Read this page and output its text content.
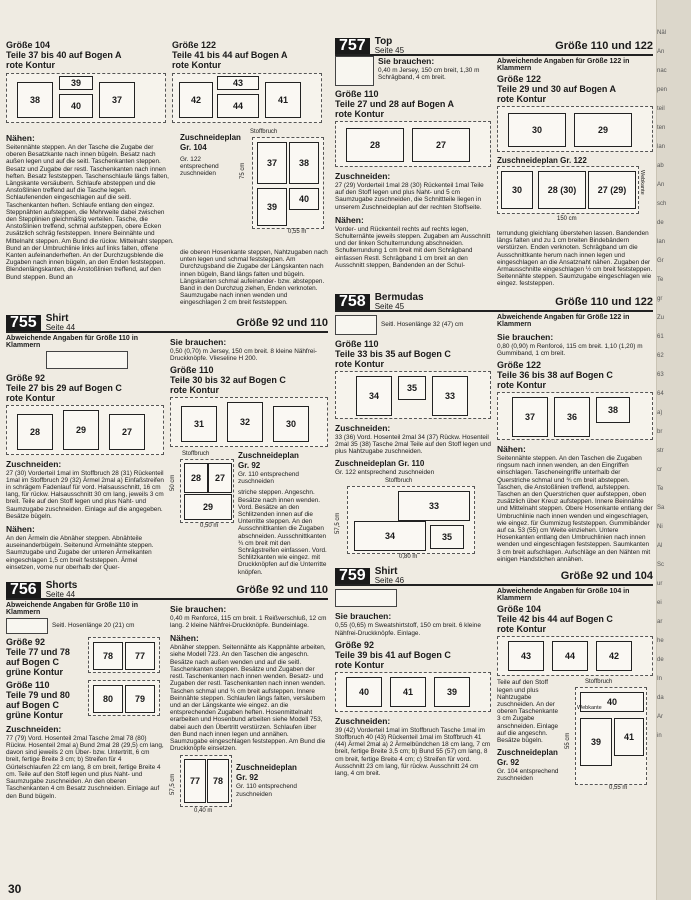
Größe 104
Teile 37 bis 40 auf Bogen A
rote Kontur
38
39
40
37
Größe 122
Teile 41 bis 44 auf Bogen A
rote Kontur
42
43
44
41
Nähen:

Seitennähte steppen. An der Tasche die Zugabe der oberen Besatzkante nach innen bügeln. Besatz nach außen legen und auf die seitl. Taschenkanten steppen. Besatz und Zugabe der restl. Taschenkanten nach innen heften. Besatz feststeppen. Taschenschlaufe längs falten, Längskante versäubern. Schlaufe absteppen und die Anstoßlinien treffend auf die Tasche legen. Schlaufenenden eingeschlagen auf die seitl. Taschenkanten heften. Schlaufe entlang den eingez. Steppnähten aufsteppen, die Mehrweite dabei zwischen den Stepplinien gleichmäßig verteilen. Tasche, die Anstoßlinien treffend, schmal aufsteppen, obere Ecken zusätzlich schräg feststeppen. Innere Beinnähte und Mittelnaht steppen. Am Bund die rückw. Mittelnaht steppen. Bund an der Umbruchlinie links auf links falten, offene Kanten aufeinanderheften. An der Durchzugsblende die Zugaben nach innen bügeln, an den Enden feststeppen. Blendenlängskanten, die Anstoßlinien treffend, auf den Bund steppen. Bund an

Zuschneideplan
Gr. 104

Gr. 122 entsprechend zuschneiden

Stoffbruch
75 cm	37	38
39
40
0,55 m

die oberen Hosenkante steppen, Nahtzugaben nach unten legen und schmal feststeppen. Am Durchzugsband die Zugabe der Längskanten nach innen bügeln, Band längs falten und bügeln. Längskanten schmal aufeinander- bzw. absteppen. Band in den Durchzug ziehen, Enden verknoten. Saumzugabe nach innen wenden und eingeschlagen 2 cm breit feststeppen.

755 Shirt
Seite 44	Größe 92 und 110
Abweichende Angaben für Größe 110 in Klammern
Größe 92
Teile 27 bis 29 auf Bogen C
rote Kontur
28	29	27
Zuschneiden:

27 (30) Vorderteil 1mal im Stoffbruch 28 (31) Rückenteil 1mal im Stoffbruch 29 (32) Ärmel 2mal a) Einfaßstreifen in schrägem Fadenlauf für vord. Halsausschnitt, 16 cm lang, für rückw. Halsausschnitt 30 cm lang, jeweils 3 cm breit. Teile auf den Stoff legen und plus Naht- und Saumzugabe zuschneiden. Einlage auf die angegeben. Besätze bügeln.

Nähen:

An den Ärmeln die Abnäher steppen. Abnähteile auseinanderbügeln. Seitenund Ärmelnähte steppen. Saumzugabe und Zugabe der unteren Ärmelkanten eingeschlagen 1,5 cm breit feststeppen. Ärmel einsetzen, vorne nur oberhalb der Quer-

Sie brauchen:

0,50 (0,70) m Jersey, 150 cm breit. 8 kleine Nähfrei-Druckknöpfe. Vlieseline H 200.

Größe 110
Teile 30 bis 32 auf Bogen C
rote Kontur
31	32	30
Stoffbruch
50 cm	28	27
29
0,50 m
Zuschneideplan
Gr. 92

Gr. 110 entsprechend zuschneiden

striche steppen. Angeschn. Besätze nach innen wenden. Vord. Besätze an den Schlitzenden innen auf die Unterritte steppen. An den Ausschnittkanten die Zugaben abschneiden. Ausschnittkanten ¾ cm breit mit den Schrägstreifen einfassen. Vord. Schlitzkanten wie eingez. mit Druckknöpfen auf die Unterritte knöpfen.

756 Shorts
Seite 44	Größe 92 und 110
Abweichende Angaben für Größe 110 in Klammern
Seitl. Hosenlänge 20 (21) cm
Größe 92
Teile 77 und 78 auf Bogen C
grüne Kontur
78	77
Größe 110
Teile 79 und 80 auf Bogen C
grüne Kontur
80	79
Zuschneiden:

77 (79) Vord. Hosenteil 2mal Tasche 2mal 78 (80) Rückw. Hosenteil 2mal a) Bund 2mal 28 (29,5) cm lang, davon sind jeweils 2 cm Über- bzw. Untertritt, 6 cm breit, fertige Breite 3 cm; b) Streifen für 4 Gürtelschlaufen 22 cm lang, 8 cm breit, fertige Breite 4 cm. Teile auf den Stoff legen und plus Naht- und Saumzugabe zuschneiden. An den oberen Taschenkanten 4 cm Besatz zuschneiden. Einlage auf den Bund bügeln.

Sie brauchen:

0,40 m Renforcé, 115 cm breit. 1 Reißverschluß, 12 cm lang. 2 kleine Nähfrei-Druckknöpfe. Bundeinlage.

Nähen:

Abnäher steppen. Seitennähte als Kappnähte arbeiten, siehe Modell 723. An den Taschen die angeschn. Besätze nach außen wenden und auf die seitl. Taschenkanten steppen. Besätze und Zugaben der restl. Taschenkanten nach innen wenden. Besatz- und Zugaben der restl. Taschenkanten nach innen wenden. Taschen schmal und ¾ cm breit aufsteppen. Innere Beinnähte steppen. Schlaufen längs falten, versäubern und an der Längskante wie eingez. an die entsprechenden Zugaben heften. Hosenmittelnaht erarbeiten und Hosenbund arbeiten siehe Modell 753, dabei auch den Übertritt verstürzen. Schlaufen über den Bund nach innen legen und annähen. Saumzugabe eingeschlagen feststeppen. Am Bund die Druckknöpfe einsetzen.

57,5 cm	77	78
0,40 m
Zuschneideplan
Gr. 92

Gr. 110 entsprechend zuschneiden

757 Top
Seite 45	Größe 110 und 122
Sie brauchen:

0,40 m Jersey, 150 cm breit, 1,30 m Schrägband, 4 cm breit.

Größe 110
Teile 27 und 28 auf Bogen A
rote Kontur
28	27
Zuschneiden:

27 (29) Vorderteil 1mal 28 (30) Rückenteil 1mal Teile auf den Stoff legen und plus Naht- und 5 cm Saumzugabe zuschneiden, die Schnittteile liegen in unserem Zuschneideplan auf der rechten Stoffseite.

Nähen:

Vorder- und Rückenteil rechts auf rechts legen, Schulternähte jeweils steppen. Zugaben am Ausschnitt und der linken Schulterrundung abschneiden. Schulterrundung 1 cm breit mit dem Schrägband einfassen Restl. Schrägband 1 cm breit an den Ausschnitt steppen, Bandenden an der Schul-

Abweichende Angaben für Größe 122 in Klammern
Größe 122
Teile 29 und 30 auf Bogen A
rote Kontur
30	29
Zuschneideplan Gr. 122
30	28 (30)	27 (29)	Webkante
150 cm

terrundung gleichlang überstehen lassen. Bandenden längs falten und zu 1 cm breiten Bindebändern verstürzen. Enden verknoten. Schrägband um die Ausschnittkante herum nach innen legen und eingeschlagen an die Ansatznaht nähen. Zugaben der Armausschnitte eingeschlagen ½ cm breit feststeppen. Seitennähte steppen. Saumzugabe eingeschlagen wie eingez. feststeppen.

758 Bermudas
Seite 45	Größe 110 und 122
Seitl. Hosenlänge 32 (47) cm
Größe 110
Teile 33 bis 35 auf Bogen C
rote Kontur
34
35
33
Zuschneiden:

33 (36) Vord. Hosenteil 2mal 34 (37) Rückw. Hosenteil 2mal 35 (38) Tasche 2mal Teile auf den Stoff legen und plus Nahtzugabe zuschneiden.

Zuschneideplan Gr. 110

Gr. 122 entsprechend zuschneiden

Stoffbruch
57,5 cm
33
34	35
0,80 m
Abweichende Angaben für Größe 122 in Klammern
Sie brauchen:

0,80 (0,90) m Renforcé, 115 cm breit. 1,10 (1,20) m Gummiband, 1 cm breit.

Größe 122
Teile 36 bis 38 auf Bogen C
rote Kontur
37	36
38
Nähen:

Seitennähte steppen. An den Taschen die Zugaben ringsum nach innen wenden, an den Eingriffen einschlagen. Tascheneingriffe unterhalb der Querstriche schmal und ¾ cm breit absteppen. Taschen, die Anstoßlinien treffend, aufsteppen. Taschen an den Querstrichen quer aufsteppen, oben zusätzlich über Kreuz aufsteppen. Innere Beinnähte und Mittelnaht steppen. Obere Hosenkante entlang der Umbruchlinie nach innen wenden und eingeschlagen, wie eingez. für Gummizug feststeppen. Gummibänder auf ca. 53 (55) cm Weite einziehen. Untere Hosenkanten entlang den Umbruchlinien nach innen wenden und eingeschlagen feststeppen. Saumkanten 3 cm breit aufschlagen. Aufschläge an den Nähten mit einigen Handstichen annähen.

759 Shirt
Seite 46	Größe 92 und 104
Sie brauchen:

0,55 (0,65) m Sweatshirtstoff, 150 cm breit. 6 kleine Nähfrei-Druckknöpfe. Einlage.

Größe 92
Teile 39 bis 41 auf Bogen C
rote Kontur
40	41	39
Zuschneiden:

39 (42) Vorderteil 1mal im Stoffbruch Tasche 1mal im Stoffbruch 40 (43) Rückenteil 1mal im Stoffbruch 41 (44) Ärmel 2mal a) 2 Ärmelbündchen 18 cm lang, 7 cm breit, fertige Breite 3,5 cm; b) Bund 55 (57) cm lang, 8 cm breit, fertige Breite 4 cm; c) Streifen für vord. Ausschnitt 23 cm lang, für rückw. Ausschnitt 24 cm lang, 4 cm breit.

Abweichende Angaben für Größe 104 in Klammern
Größe 104
Teile 42 bis 44 auf Bogen C
rote Kontur
43	44	42

Teile auf den Stoff legen und plus Nahtzugabe zuschneiden. An der oberen Taschenkante 3 cm Zugabe anschneiden. Einlage auf die angeschn. Besätze bügeln.

Zuschneideplan
Gr. 92

Gr. 104 entsprechend zuschneiden

Stoffbruch
55 cm
40
39	41
Webkante
0,55 m
Näl
An
nac
pen
teil
ten
lan
ab
An
sch
de
lan
Gr
Te
gr
Zu
61
62
63
64
a)
br
str
cr
Te
Sa
Ni
Al
Sc
ur
ei
ar
he
de
In
da
Ar
in
30
